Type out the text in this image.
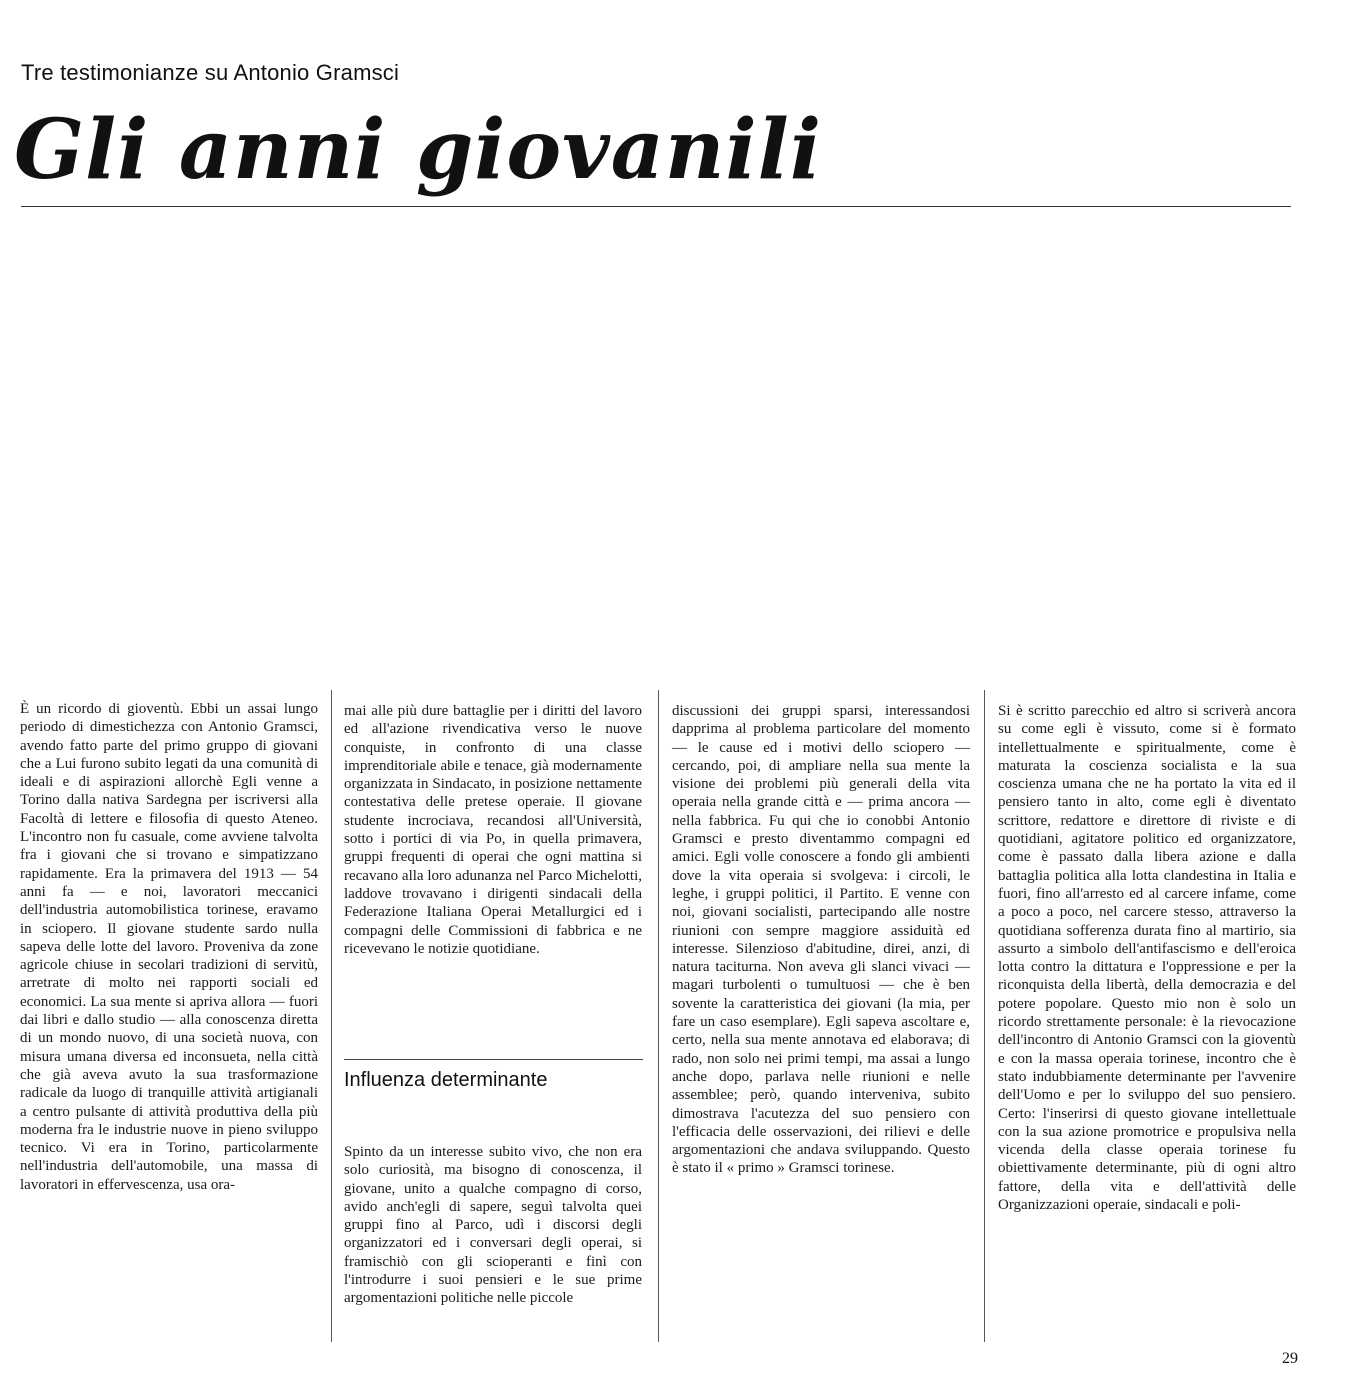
Tre testimonianze su Antonio Gramsci
Gli anni giovanili

È un ricordo di gioventù. Ebbi un assai lungo periodo di dimestichezza con Antonio Gramsci, avendo fatto parte del primo gruppo di giovani che a Lui furono subito legati da una comunità di ideali e di aspirazioni allorchè Egli venne a Torino dalla nativa Sardegna per iscriversi alla Facoltà di lettere e filosofia di questo Ateneo. L'incontro non fu casuale, come avviene talvolta fra i giovani che si trovano e simpatizzano rapidamente. Era la primavera del 1913 — 54 anni fa — e noi, lavoratori meccanici dell'industria automobilistica torinese, eravamo in sciopero. Il giovane studente sardo nulla sapeva delle lotte del lavoro. Proveniva da zone agricole chiuse in secolari tradizioni di servitù, arretrate di molto nei rapporti sociali ed economici. La sua mente si apriva allora — fuori dai libri e dallo studio — alla conoscenza diretta di un mondo nuovo, di una società nuova, con misura umana diversa ed inconsueta, nella città che già aveva avuto la sua trasformazione radicale da luogo di tranquille attività artigianali a centro pulsante di attività produttiva della più moderna fra le industrie nuove in pieno sviluppo tecnico. Vi era in Torino, particolarmente nell'industria dell'automobile, una massa di lavoratori in effervescenza, usa ora-

mai alle più dure battaglie per i diritti del lavoro ed all'azione rivendicativa verso le nuove conquiste, in confronto di una classe imprenditoriale abile e tenace, già modernamente organizzata in Sindacato, in posizione nettamente contestativa delle pretese operaie. Il giovane studente incrociava, recandosi all'Università, sotto i portici di via Po, in quella primavera, gruppi frequenti di operai che ogni mattina si recavano alla loro adunanza nel Parco Michelotti, laddove trovavano i dirigenti sindacali della Federazione Italiana Operai Metallurgici ed i compagni delle Commissioni di fabbrica e ne ricevevano le notizie quotidiane.

Influenza determinante

Spinto da un interesse subito vivo, che non era solo curiosità, ma bisogno di conoscenza, il giovane, unito a qualche compagno di corso, avido anch'egli di sapere, seguì talvolta quei gruppi fino al Parco, udì i discorsi degli organizzatori ed i conversari degli operai, si framischiò con gli scioperanti e finì con l'introdurre i suoi pensieri e le sue prime argomentazioni politiche nelle piccole

discussioni dei gruppi sparsi, interessandosi dapprima al problema particolare del momento — le cause ed i motivi dello sciopero — cercando, poi, di ampliare nella sua mente la visione dei problemi più generali della vita operaia nella grande città e — prima ancora — nella fabbrica. Fu qui che io conobbi Antonio Gramsci e presto diventammo compagni ed amici. Egli volle conoscere a fondo gli ambienti dove la vita operaia si svolgeva: i circoli, le leghe, i gruppi politici, il Partito. E venne con noi, giovani socialisti, partecipando alle nostre riunioni con sempre maggiore assiduità ed interesse. Silenzioso d'abitudine, direi, anzi, di natura taciturna. Non aveva gli slanci vivaci — magari turbolenti o tumultuosi — che è ben sovente la caratteristica dei giovani (la mia, per fare un caso esemplare). Egli sapeva ascoltare e, certo, nella sua mente annotava ed elaborava; di rado, non solo nei primi tempi, ma assai a lungo anche dopo, parlava nelle riunioni e nelle assemblee; però, quando interveniva, subito dimostrava l'acutezza del suo pensiero con l'efficacia delle osservazioni, dei rilievi e delle argomentazioni che andava sviluppando. Questo è stato il « primo » Gramsci torinese.

Si è scritto parecchio ed altro si scriverà ancora su come egli è vissuto, come si è formato intellettualmente e spiritualmente, come è maturata la coscienza socialista e la sua coscienza umana che ne ha portato la vita ed il pensiero tanto in alto, come egli è diventato scrittore, redattore e direttore di riviste e di quotidiani, agitatore politico ed organizzatore, come è passato dalla libera azione e dalla battaglia politica alla lotta clandestina in Italia e fuori, fino all'arresto ed al carcere infame, come a poco a poco, nel carcere stesso, attraverso la quotidiana sofferenza durata fino al martirio, sia assurto a simbolo dell'antifascismo e dell'eroica lotta contro la dittatura e l'oppressione e per la riconquista della libertà, della democrazia e del potere popolare. Questo mio non è solo un ricordo strettamente personale: è la rievocazione dell'incontro di Antonio Gramsci con la gioventù e con la massa operaia torinese, incontro che è stato indubbiamente determinante per l'avvenire dell'Uomo e per lo sviluppo del suo pensiero. Certo: l'inserirsi di questo giovane intellettuale con la sua azione promotrice e propulsiva nella vicenda della classe operaia torinese fu obiettivamente determinante, più di ogni altro fattore, della vita e dell'attività delle Organizzazioni operaie, sindacali e poli-

29
